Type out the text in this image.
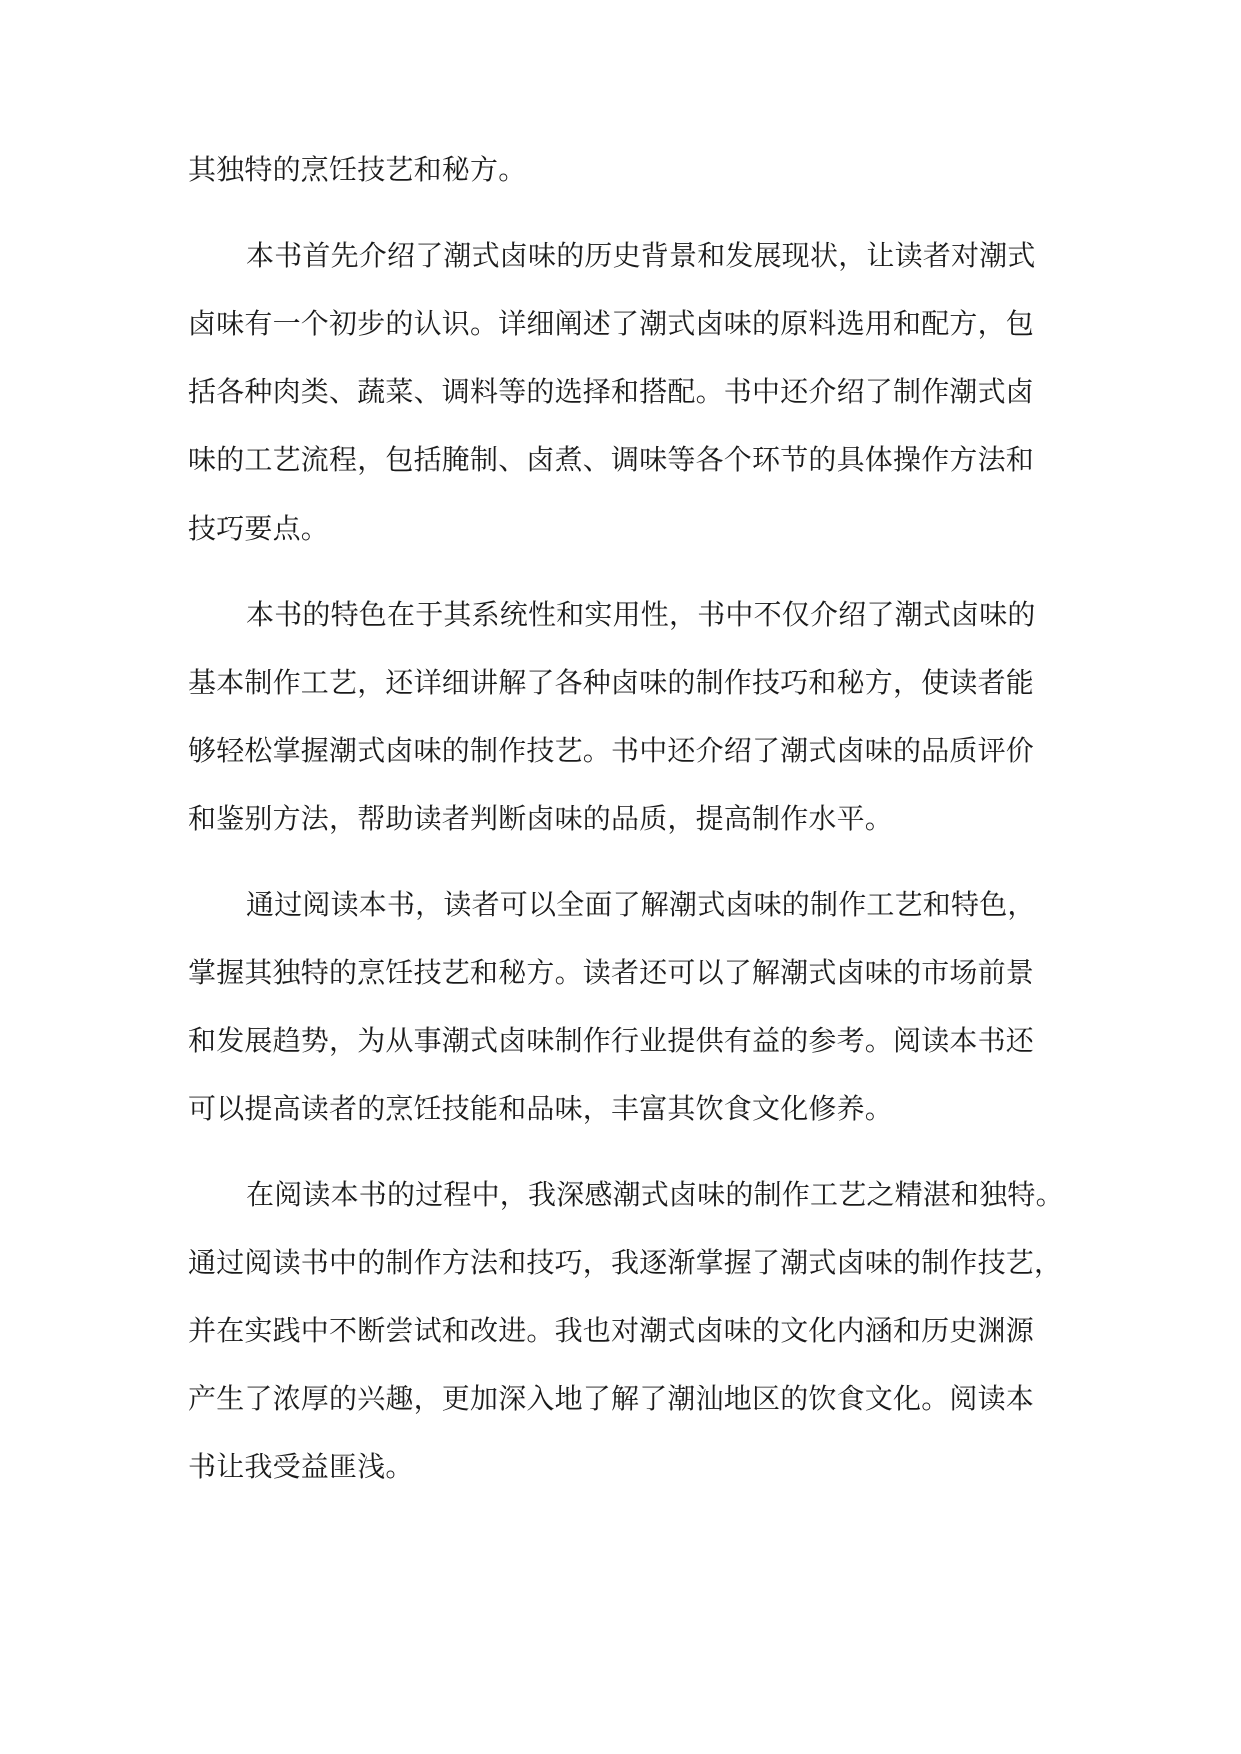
其独特的烹饪技艺和秘方。

本书首先介绍了潮式卤味的历史背景和发展现状，让读者对潮式

卤味有一个初步的认识。详细阐述了潮式卤味的原料选用和配方，包

括各种肉类、蔬菜、调料等的选择和搭配。书中还介绍了制作潮式卤

味的工艺流程，包括腌制、卤煮、调味等各个环节的具体操作方法和

技巧要点。

本书的特色在于其系统性和实用性，书中不仅介绍了潮式卤味的

基本制作工艺，还详细讲解了各种卤味的制作技巧和秘方，使读者能

够轻松掌握潮式卤味的制作技艺。书中还介绍了潮式卤味的品质评价

和鉴别方法，帮助读者判断卤味的品质，提高制作水平。

通过阅读本书，读者可以全面了解潮式卤味的制作工艺和特色，

掌握其独特的烹饪技艺和秘方。读者还可以了解潮式卤味的市场前景

和发展趋势，为从事潮式卤味制作行业提供有益的参考。阅读本书还

可以提高读者的烹饪技能和品味，丰富其饮食文化修养。

在阅读本书的过程中，我深感潮式卤味的制作工艺之精湛和独特。

通过阅读书中的制作方法和技巧，我逐渐掌握了潮式卤味的制作技艺，

并在实践中不断尝试和改进。我也对潮式卤味的文化内涵和历史渊源

产生了浓厚的兴趣，更加深入地了解了潮汕地区的饮食文化。阅读本

书让我受益匪浅。
